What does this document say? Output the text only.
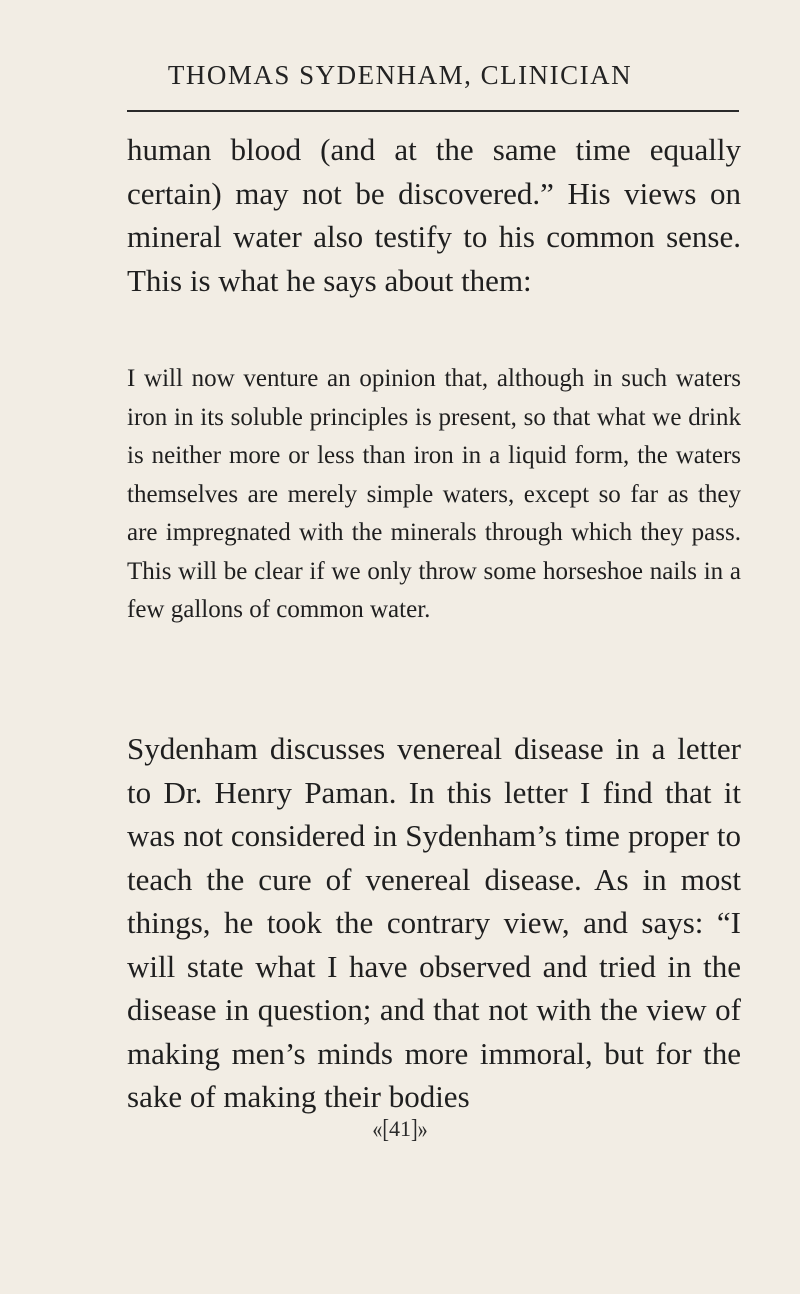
THOMAS SYDENHAM, CLINICIAN

human blood (and at the same time equally certain) may not be discovered.” His views on mineral water also testify to his common sense. This is what he says about them:

I will now venture an opinion that, although in such waters iron in its soluble principles is present, so that what we drink is neither more or less than iron in a liquid form, the waters themselves are merely simple waters, except so far as they are impregnated with the minerals through which they pass. This will be clear if we only throw some horseshoe nails in a few gallons of common water.

Sydenham discusses venereal disease in a letter to Dr. Henry Paman. In this letter I find that it was not considered in Sydenham’s time proper to teach the cure of venereal disease. As in most things, he took the contrary view, and says: “I will state what I have observed and tried in the disease in question; and that not with the view of making men’s minds more immoral, but for the sake of making their bodies

«[41]»
